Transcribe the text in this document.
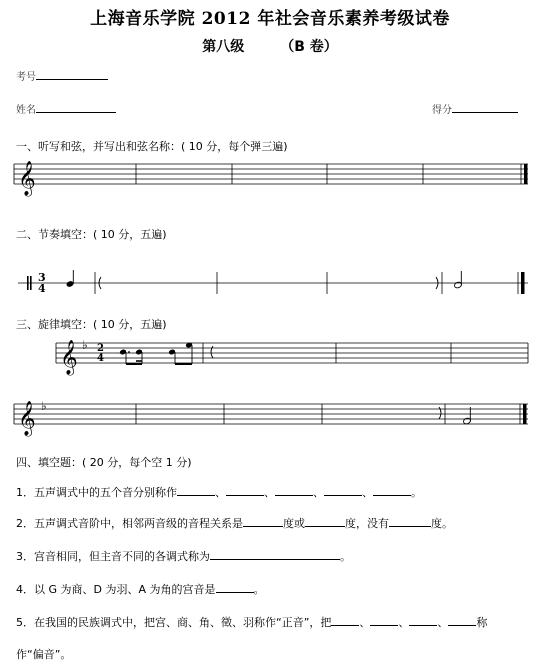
上海音乐学院 2012 年社会音乐素养考级试卷
第八级	（B 卷）
考号
姓名	得分
一、听写和弦，并写出和弦名称：( 10 分，每个弹三遍)
𝄞
3
4
𝄞 ♭ 2
4
𝄞 ♭
二、节奏填空：( 10 分，五遍)
三、旋律填空：( 10 分，五遍)
四、填空题：( 20 分，每个空 1 分)
1．五声调式中的五个音分别称作	、	、	、	、	。
2．五声调式音阶中，相邻两音级的音程关系是	度或	度，没有	度。
3．宫音相同，但主音不同的各调式称为	。
4．以 G 为商、D 为羽、A 为角的宫音是	。
5．在我国的民族调式中，把宫、商、角、徵、羽称作“正音”，把	、	、	、	称
作“偏音”。
